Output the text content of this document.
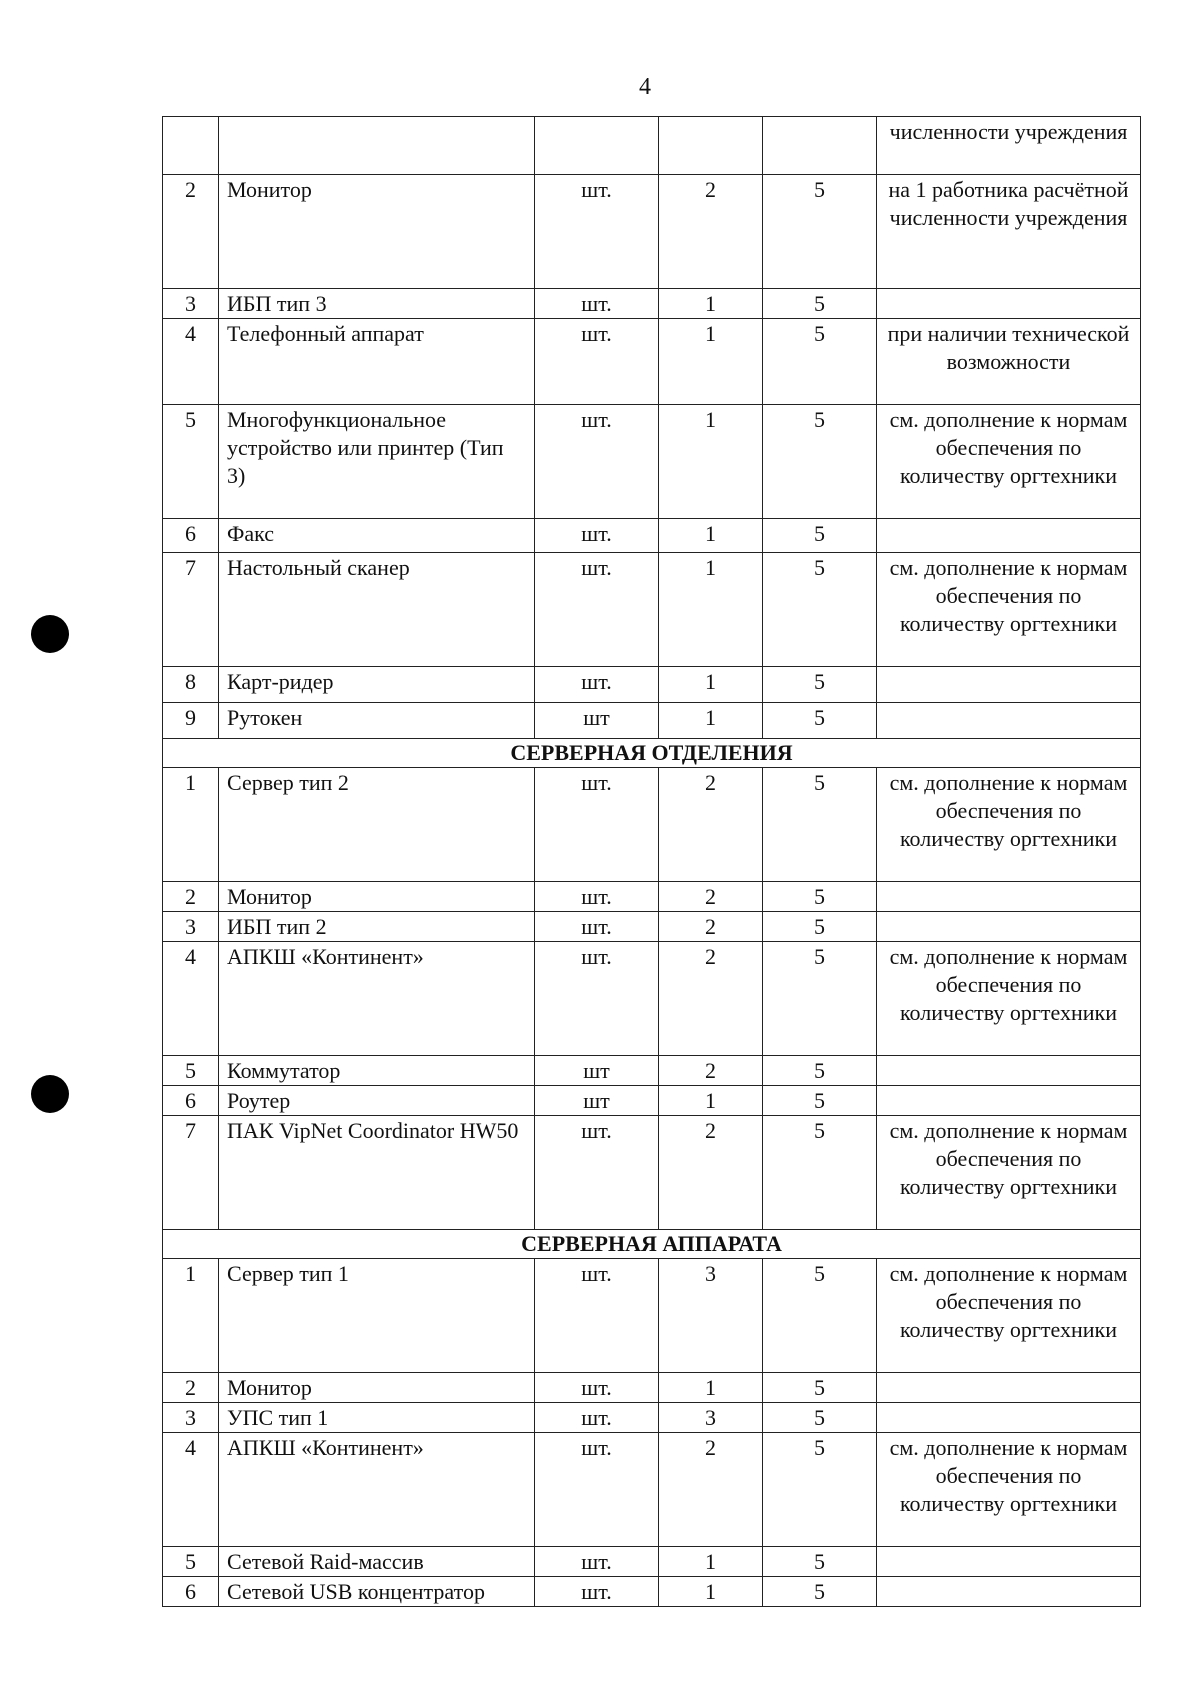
4
					численности учреждения
2	Монитор	шт.	2	5	на 1 работника расчётной численности учреждения
3	ИБП тип 3	шт.	1	5	
4	Телефонный аппарат	шт.	1	5	при наличии технической возможности
5	Многофункциональное устройство или принтер (Тип 3)	шт.	1	5	см. дополнение к нормам обеспечения по количеству оргтехники
6	Факс	шт.	1	5	
7	Настольный сканер	шт.	1	5	см. дополнение к нормам обеспечения по количеству оргтехники
8	Карт-ридер	шт.	1	5	
9	Рутокен	шт	1	5	
СЕРВЕРНАЯ ОТДЕЛЕНИЯ					
1	Сервер тип 2	шт.	2	5	см. дополнение к нормам обеспечения по количеству оргтехники
2	Монитор	шт.	2	5	
3	ИБП тип 2	шт.	2	5	
4	АПКШ «Континент»	шт.	2	5	см. дополнение к нормам обеспечения по количеству оргтехники
5	Коммутатор	шт	2	5	
6	Роутер	шт	1	5	
7	ПАК VipNet Coordinator HW50	шт.	2	5	см. дополнение к нормам обеспечения по количеству оргтехники
СЕРВЕРНАЯ АППАРАТА					
1	Сервер тип 1	шт.	3	5	см. дополнение к нормам обеспечения по количеству оргтехники
2	Монитор	шт.	1	5	
3	УПС тип 1	шт.	3	5	
4	АПКШ «Континент»	шт.	2	5	см. дополнение к нормам обеспечения по количеству оргтехники
5	Сетевой Raid-массив	шт.	1	5	
6	Сетевой USB концентратор	шт.	1	5	
